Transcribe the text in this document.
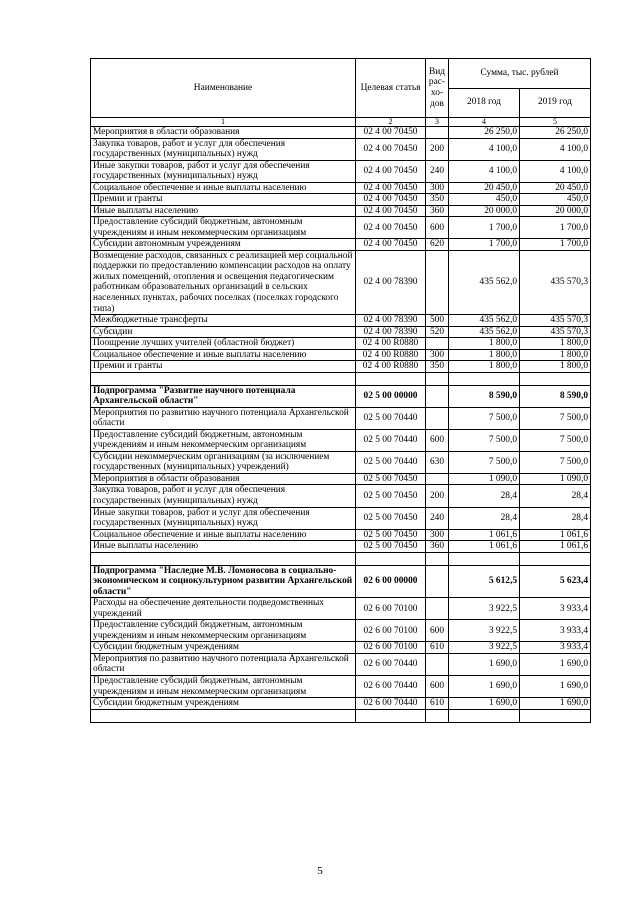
Наименование	Целевая статья	Вид рас-хо-дов	Сумма, тыс. рублей	
			2018 год	2019 год
1	2	3	4	5
Мероприятия в области образования	02 4 00 70450		26 250,0	26 250,0
Закупка товаров, работ и услуг для обеспечения государственных (муниципальных) нужд	02 4 00 70450	200	4 100,0	4 100,0
Иные закупки товаров, работ и услуг для обеспечения государственных (муниципальных) нужд	02 4 00 70450	240	4 100,0	4 100,0
Социальное обеспечение и иные выплаты населению	02 4 00 70450	300	20 450,0	20 450,0
Премии и гранты	02 4 00 70450	350	450,0	450,0
Иные выплаты населению	02 4 00 70450	360	20 000,0	20 000,0
Предоставление субсидий бюджетным, автономным учреждениям и иным некоммерческим организациям	02 4 00 70450	600	1 700,0	1 700,0
Субсидии автономным учреждениям	02 4 00 70450	620	1 700,0	1 700,0
Возмещение расходов, связанных с реализацией мер социальной поддержки по предоставлению компенсации расходов на оплату жилых помещений, отопления и освещения педагогическим работникам образовательных организаций в сельских населенных пунктах, рабочих поселках (поселках городского типа)	02 4 00 78390		435 562,0	435 570,3
Межбюджетные трансферты	02 4 00 78390	500	435 562,0	435 570,3
Субсидии	02 4 00 78390	520	435 562,0	435 570,3
Поощрение лучших учителей (областной бюджет)	02 4 00 R0880		1 800,0	1 800,0
Социальное обеспечение и иные выплаты населению	02 4 00 R0880	300	1 800,0	1 800,0
Премии и гранты	02 4 00 R0880	350	1 800,0	1 800,0

Подпрограмма "Развитие научного потенциала Архангельской области"	02 5 00 00000		8 590,0	8 590,0
Мероприятия по развитию научного потенциала Архангельской области	02 5 00 70440		7 500,0	7 500,0
Предоставление субсидий бюджетным, автономным учреждениям и иным некоммерческим организациям	02 5 00 70440	600	7 500,0	7 500,0
Субсидии некоммерческим организациям (за исключением государственных (муниципальных) учреждений)	02 5 00 70440	630	7 500,0	7 500,0
Мероприятия в области образования	02 5 00 70450		1 090,0	1 090,0
Закупка товаров, работ и услуг для обеспечения государственных (муниципальных) нужд	02 5 00 70450	200	28,4	28,4
Иные закупки товаров, работ и услуг для обеспечения государственных (муниципальных) нужд	02 5 00 70450	240	28,4	28,4
Социальное обеспечение и иные выплаты населению	02 5 00 70450	300	1 061,6	1 061,6
Иные выплаты населению	02 5 00 70450	360	1 061,6	1 061,6

Подпрограмма "Наследие М.В. Ломоносова в социально-экономическом и социокультурном развитии Архангельской области"	02 6 00 00000		5 612,5	5 623,4
Расходы на обеспечение деятельности подведомственных учреждений	02 6 00 70100		3 922,5	3 933,4
Предоставление субсидий бюджетным, автономным учреждениям и иным некоммерческим организациям	02 6 00 70100	600	3 922,5	3 933,4
Субсидии бюджетным учреждениям	02 6 00 70100	610	3 922,5	3 933,4
Мероприятия по развитию научного потенциала Архангельской области	02 6 00 70440		1 690,0	1 690,0
Предоставление субсидий бюджетным, автономным учреждениям и иным некоммерческим организациям	02 6 00 70440	600	1 690,0	1 690,0
Субсидии бюджетным учреждениям	02 6 00 70440	610	1 690,0	1 690,0

5
